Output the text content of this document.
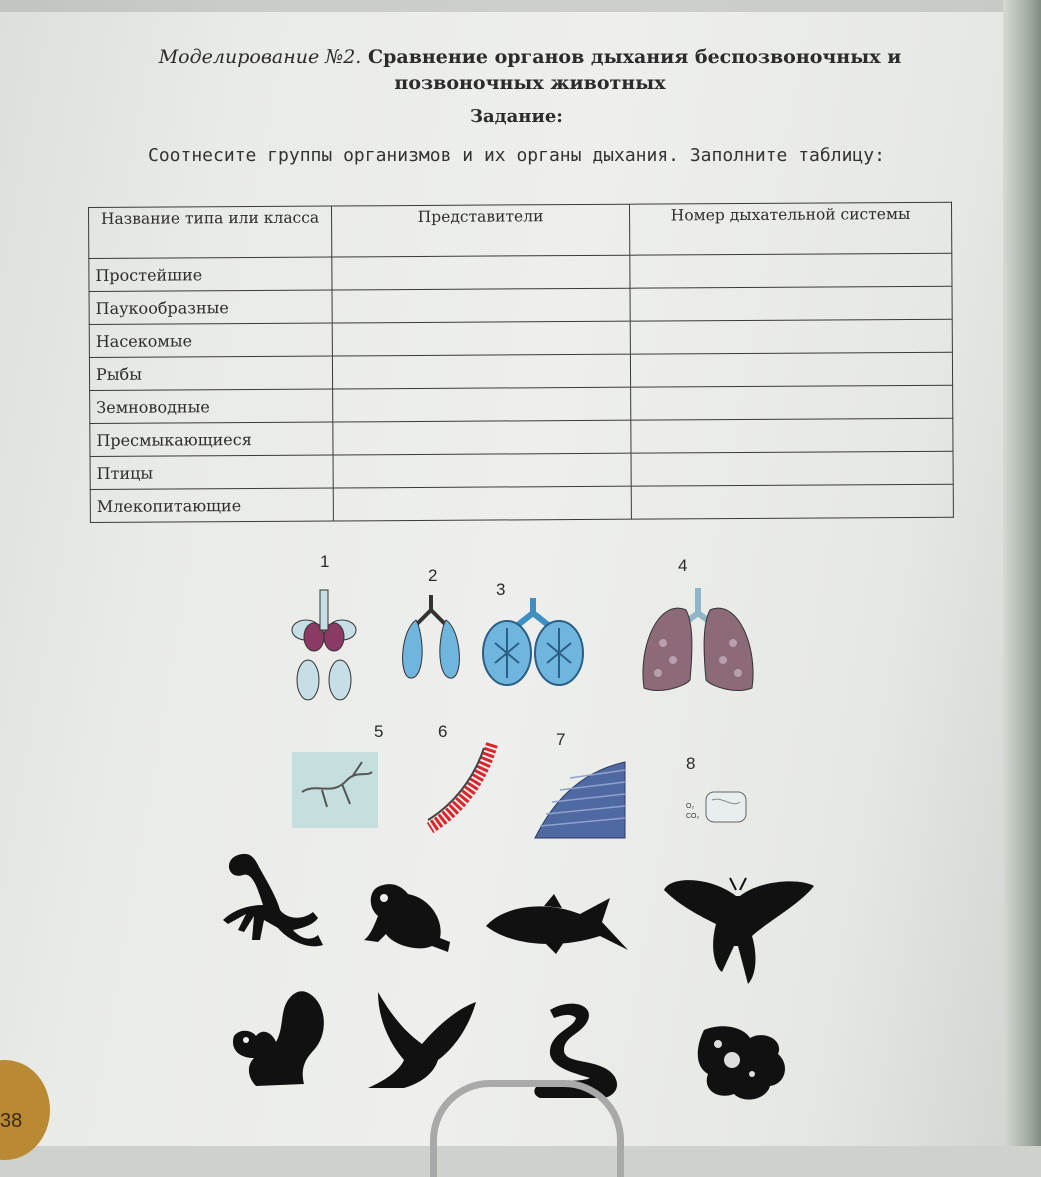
Моделирование №2. Сравнение органов дыхания беспозвоночных и позвоночных животных
Задание:
Соотнесите группы организмов и их органы дыхания. Заполните таблицу:
Название типа или класса	Представители	Номер дыхательной системы
Простейшие		
Паукообразные		
Насекомые		
Рыбы		
Земноводные		
Пресмыкающиеся		
Птицы		
Млекопитающие		
1
2
3
4
5	6	7
8
O₂
CO₂
38
